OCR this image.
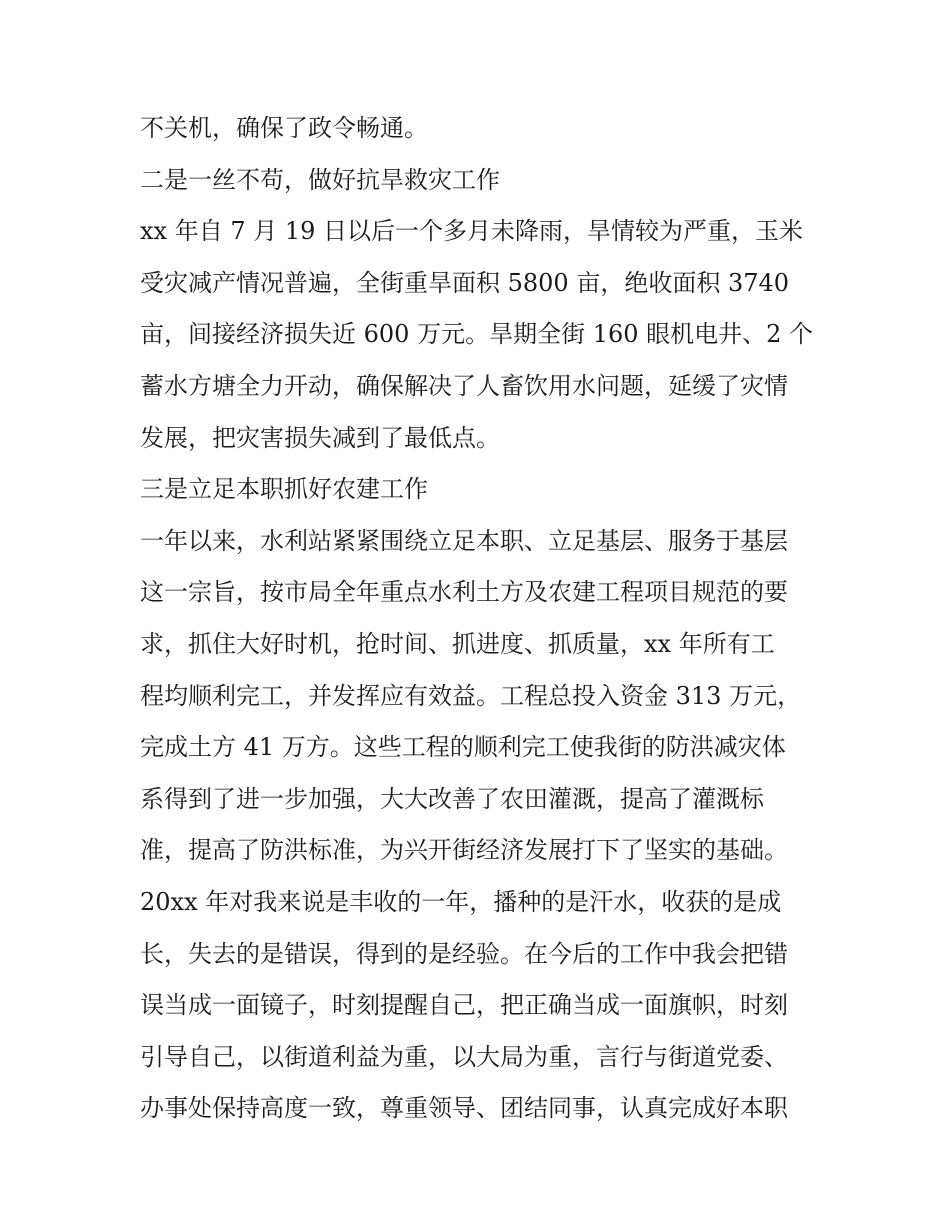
不关机，确保了政令畅通。

二是一丝不苟，做好抗旱救灾工作

xx 年自 7 月 19 日以后一个多月未降雨，旱情较为严重，玉米

受灾减产情况普遍，全街重旱面积 5800 亩，绝收面积 3740

亩，间接经济损失近 600 万元。旱期全街 160 眼机电井、2 个

蓄水方塘全力开动，确保解决了人畜饮用水问题，延缓了灾情

发展，把灾害损失减到了最低点。

三是立足本职抓好农建工作

一年以来，水利站紧紧围绕立足本职、立足基层、服务于基层

这一宗旨，按市局全年重点水利土方及农建工程项目规范的要

求，抓住大好时机，抢时间、抓进度、抓质量，xx 年所有工

程均顺利完工，并发挥应有效益。工程总投入资金 313 万元，

完成土方 41 万方。这些工程的顺利完工使我街的防洪减灾体

系得到了进一步加强，大大改善了农田灌溉，提高了灌溉标

准，提高了防洪标准，为兴开街经济发展打下了坚实的基础。

20xx 年对我来说是丰收的一年，播种的是汗水，收获的是成

长，失去的是错误，得到的是经验。在今后的工作中我会把错

误当成一面镜子，时刻提醒自己，把正确当成一面旗帜，时刻

引导自己，以街道利益为重，以大局为重，言行与街道党委、

办事处保持高度一致，尊重领导、团结同事，认真完成好本职
